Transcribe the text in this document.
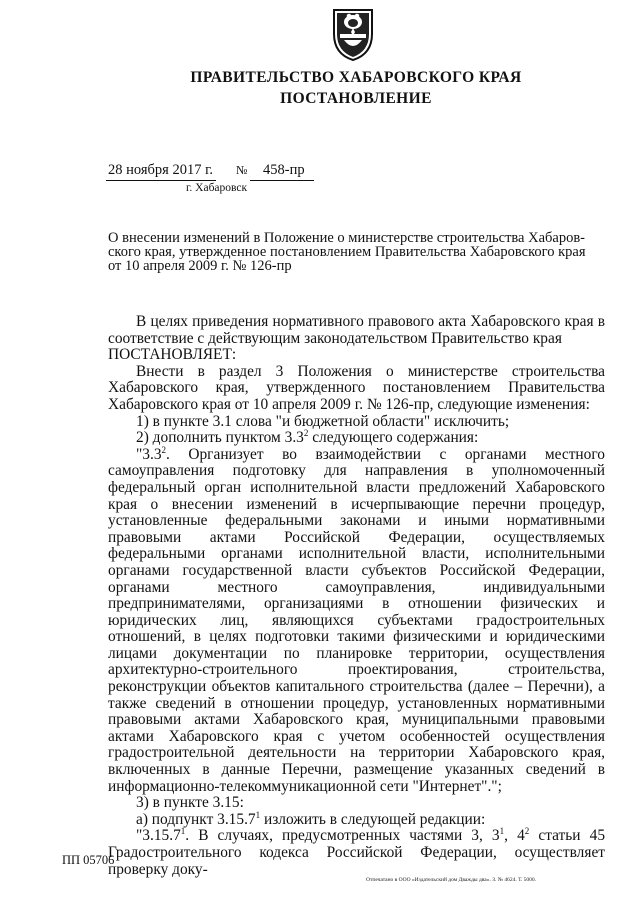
ПРАВИТЕЛЬСТВО ХАБАРОВСКОГО КРАЯ
ПОСТАНОВЛЕНИЕ
28 ноября 2017 г. № 458-пр
г. Хабаровск
О внесении изменений в Положение о министерстве строительства Хабаров-
ского края, утвержденное постановлением Правительства Хабаровского края
от 10 апреля 2009 г. № 126-пр

В целях приведения нормативного правового акта Хабаровского края в соответствие с действующим законодательством Правительство края

ПОСТАНОВЛЯЕТ:

Внести в раздел 3 Положения о министерстве строительства Хабаровского края, утвержденного постановлением Правительства Хабаровского края от 10 апреля 2009 г. № 126-пр, следующие изменения:

1) в пункте 3.1 слова "и бюджетной области" исключить;

2) дополнить пунктом $3.3^2$ следующего содержания:

"$3.3^2$. Организует во взаимодействии с органами местного самоуправления подготовку для направления в уполномоченный федеральный орган исполнительной власти предложений Хабаровского края о внесении изменений в исчерпывающие перечни процедур, установленные федеральными законами и иными нормативными правовыми актами Российской Федерации, осуществляемых федеральными органами исполнительной власти, исполнительными органами государственной власти субъектов Российской Федерации, органами местного самоуправления, индивидуальными предпринимателями, организациями в отношении физических и юридических лиц, являющихся субъектами градостроительных отношений, в целях подготовки такими физическими и юридическими лицами документации по планировке территории, осуществления архитектурно-строительного проектирования, строительства, реконструкции объектов капитального строительства (далее – Перечни), а также сведений в отношении процедур, установленных нормативными правовыми актами Хабаровского края, муниципальными правовыми актами Хабаровского края с учетом особенностей осуществления градостроительной деятельности на территории Хабаровского края, включенных в данные Перечни, размещение указанных сведений в информационно-телекоммуникационной сети "Интернет".";

3) в пункте 3.15:

а) подпункт 3.15.7$^1$ изложить в следующей редакции:

"3.15.7$^1$. В случаях, предусмотренных частями 3, $3^1$, $4^2$ статьи 45 Градостроительного кодекса Российской Федерации, осуществляет проверку доку-

ПП 05706
Отпечатано в ООО «Издательский дом Дважды два». З. № 4624. Т. 5000.
